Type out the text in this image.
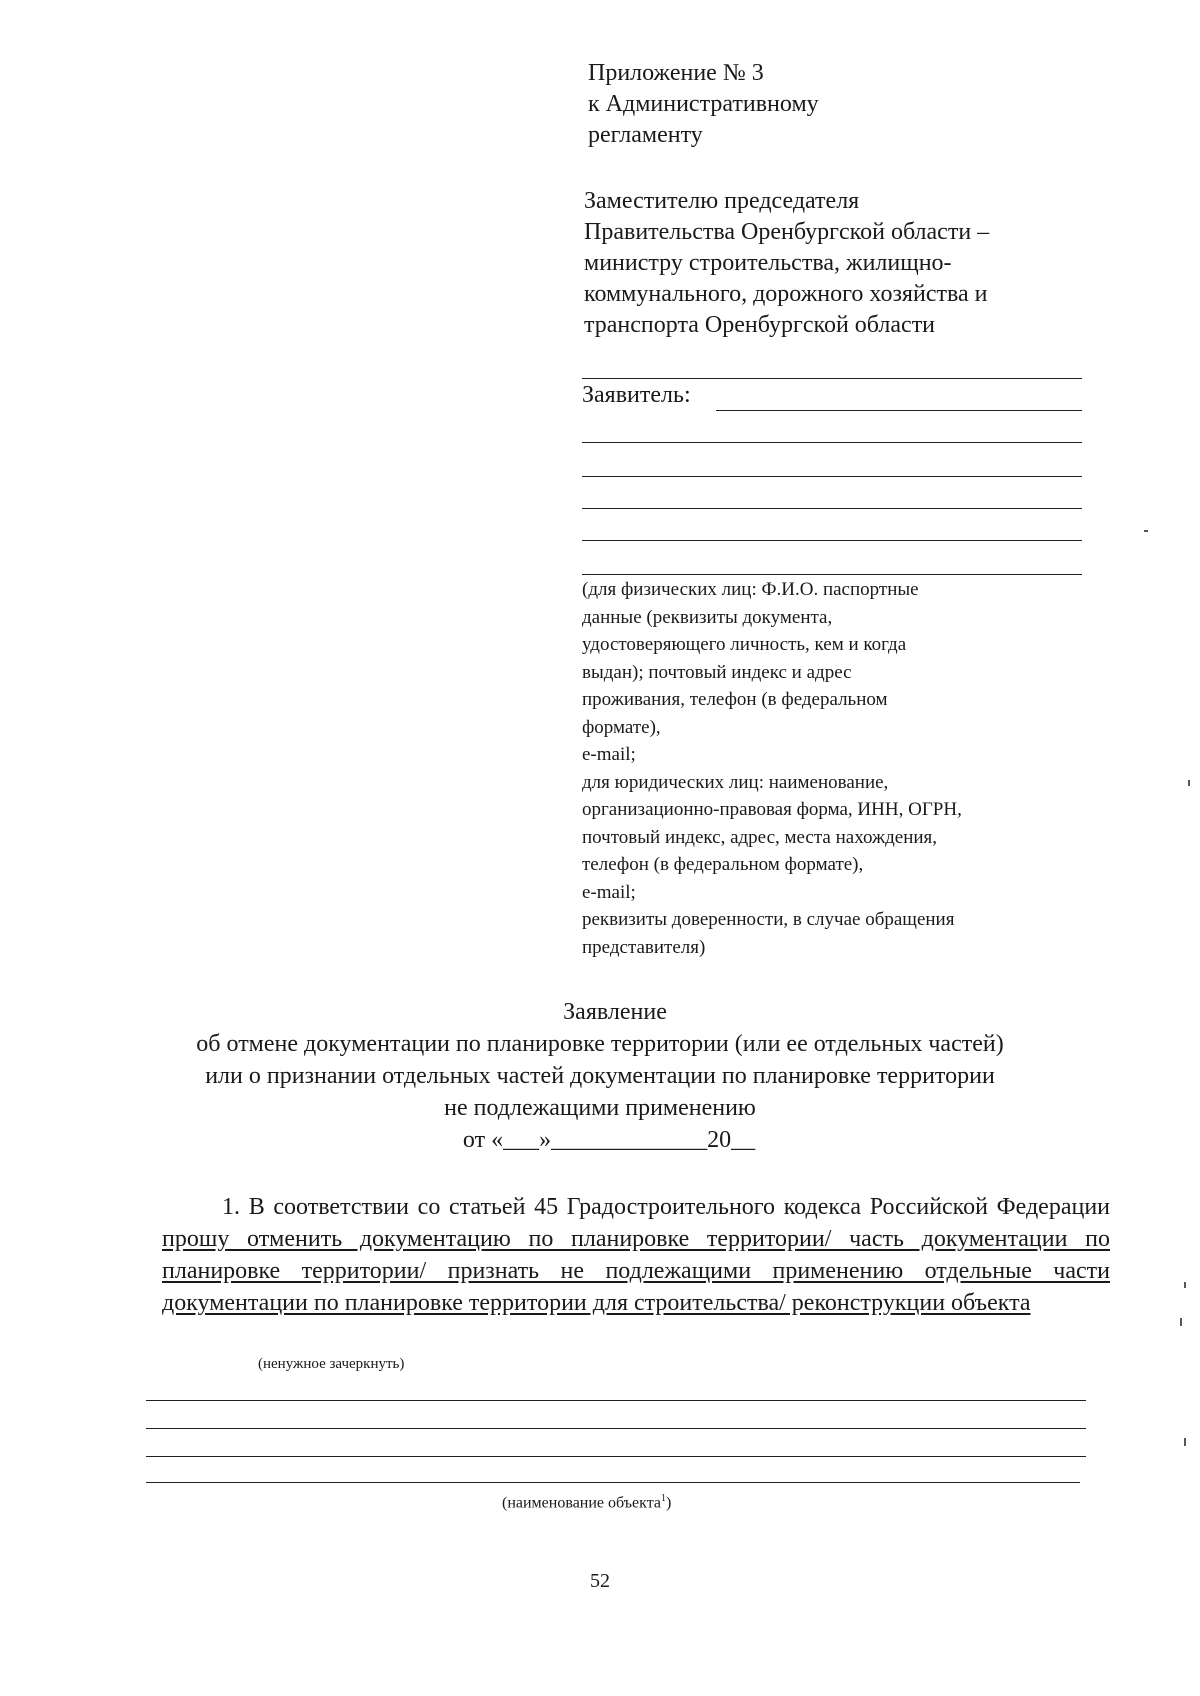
Приложение № 3
к Административному
регламенту
Заместителю председателя
Правительства Оренбургской области –
министру строительства, жилищно-
коммунального, дорожного хозяйства и
транспорта Оренбургской области
Заявитель:
(для физических лиц: Ф.И.О. паспортные
данные (реквизиты документа,
удостоверяющего личность, кем и когда
выдан); почтовый индекс и адрес
проживания, телефон (в федеральном
формате),
e-mail;
для юридических лиц: наименование,
организационно-правовая форма, ИНН, ОГРН,
почтовый индекс, адрес, места нахождения,
телефон (в федеральном формате),
e-mail;
реквизиты доверенности, в случае обращения
представителя)
Заявление
об отмене документации по планировке территории (или ее отдельных частей)
или о признании отдельных частей документации по планировке территории
не подлежащими применению
от «___»_____________20__
1. В соответствии со статьей 45 Градостроительного кодекса Российской Федерации прошу отменить документацию по планировке территории/ часть документации по планировке территории/ признать не подлежащими применению отдельные части документации по планировке территории для строительства/ реконструкции объекта
(ненужное зачеркнуть)
(наименование объекта$^1$)
52
